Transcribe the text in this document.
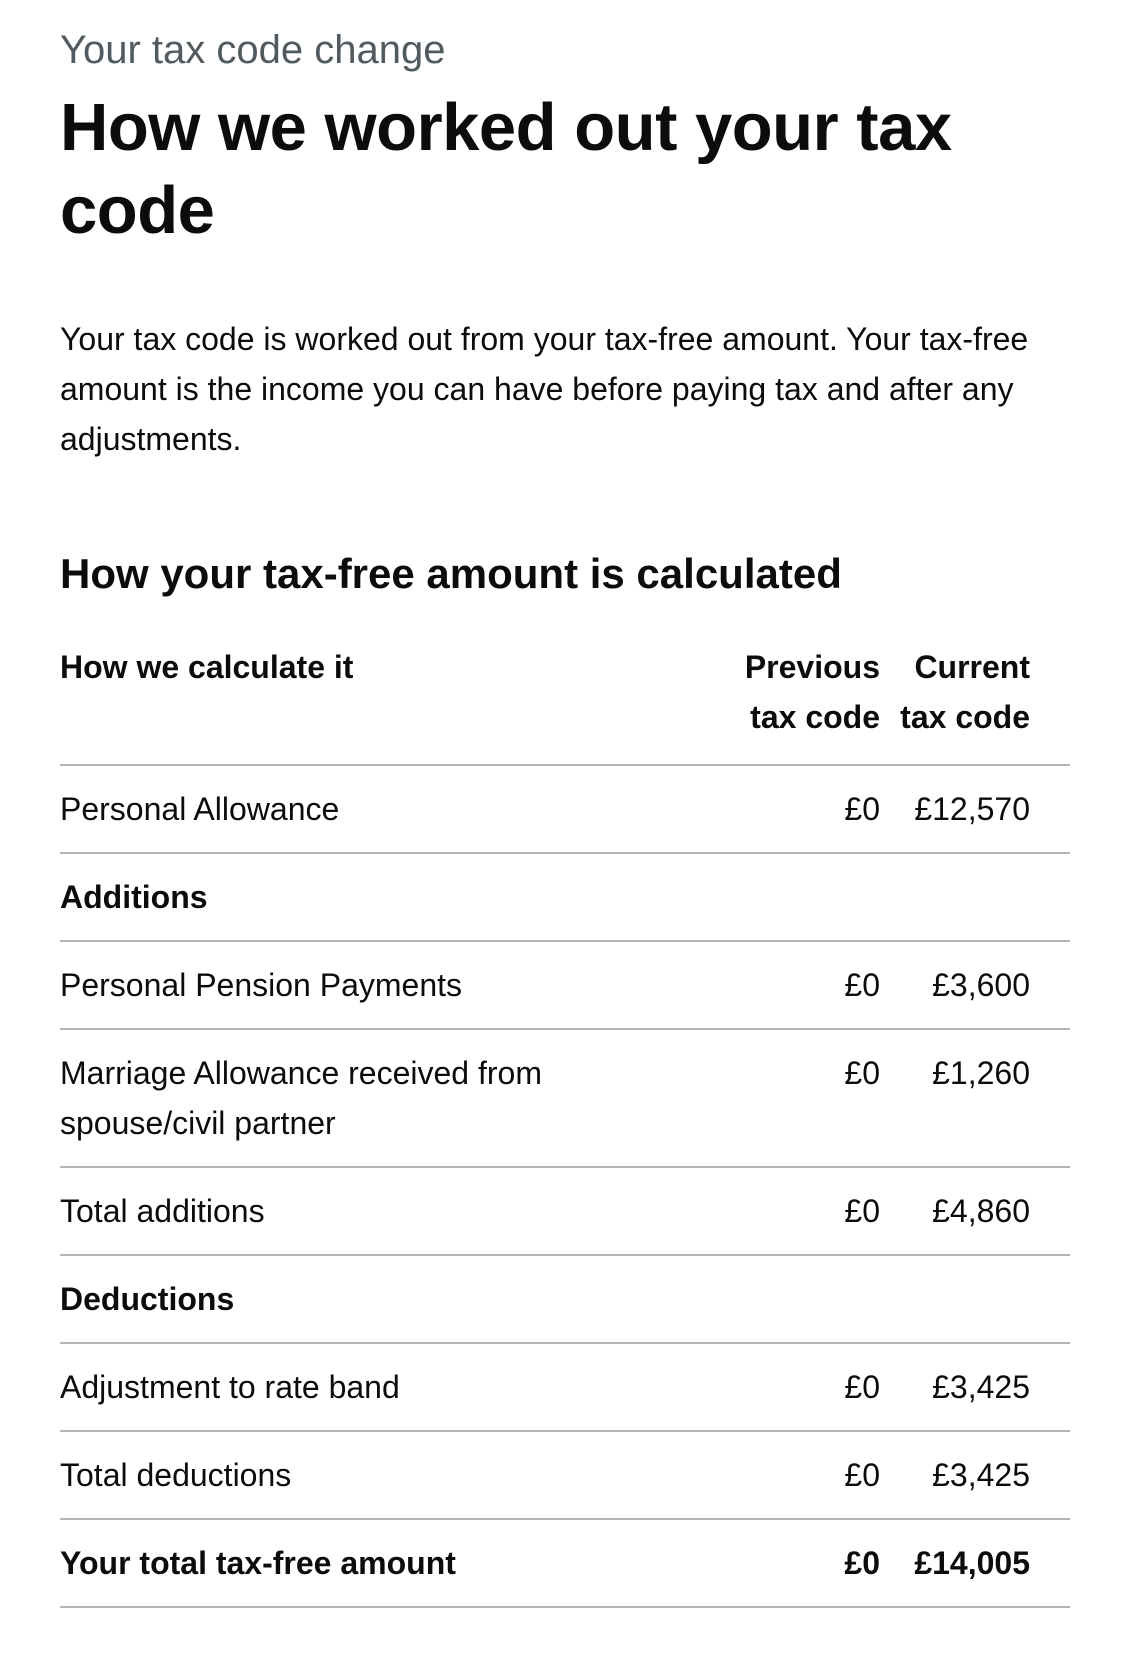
Your tax code change

How we worked out your tax code

Your tax code is worked out from your tax-free amount. Your tax-free amount is the income you can have before paying tax and after any adjustments.

How your tax-free amount is calculated
How we calculate it	Previous tax code	Current tax code

Personal Allowance	£0	£12,570
Additions		
Personal Pension Payments	£0	£3,600

Marriage Allowance received from spouse/civil partner	£0	£1,260
Total additions	£0	£4,860
Deductions		
Adjustment to rate band	£0	£3,425
Total deductions	£0	£3,425
Your total tax-free amount	£0	£14,005
